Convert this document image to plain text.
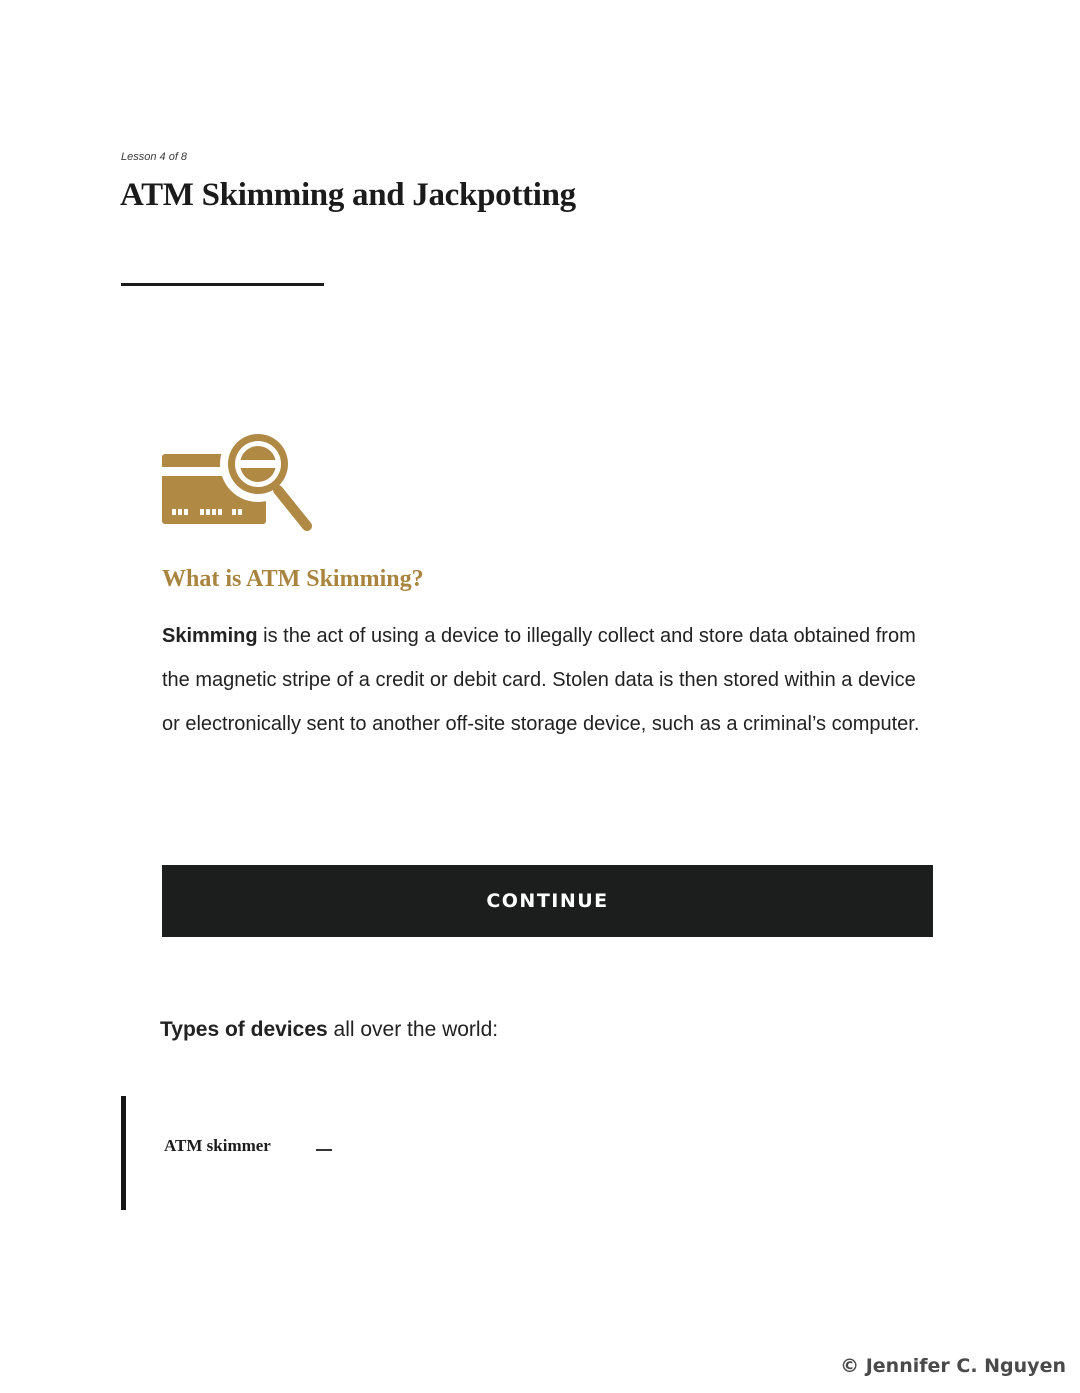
Lesson 4 of 8
ATM Skimming and Jackpotting
What is ATM Skimming?

Skimming is the act of using a device to illegally collect and store data obtained from the magnetic stripe of a credit or debit card. Stolen data is then stored within a device or electronically sent to another off-site storage device, such as a criminal’s computer.

CONTINUE

Types of devices all over the world:

ATM skimmer
© Jennifer C. Nguyen
